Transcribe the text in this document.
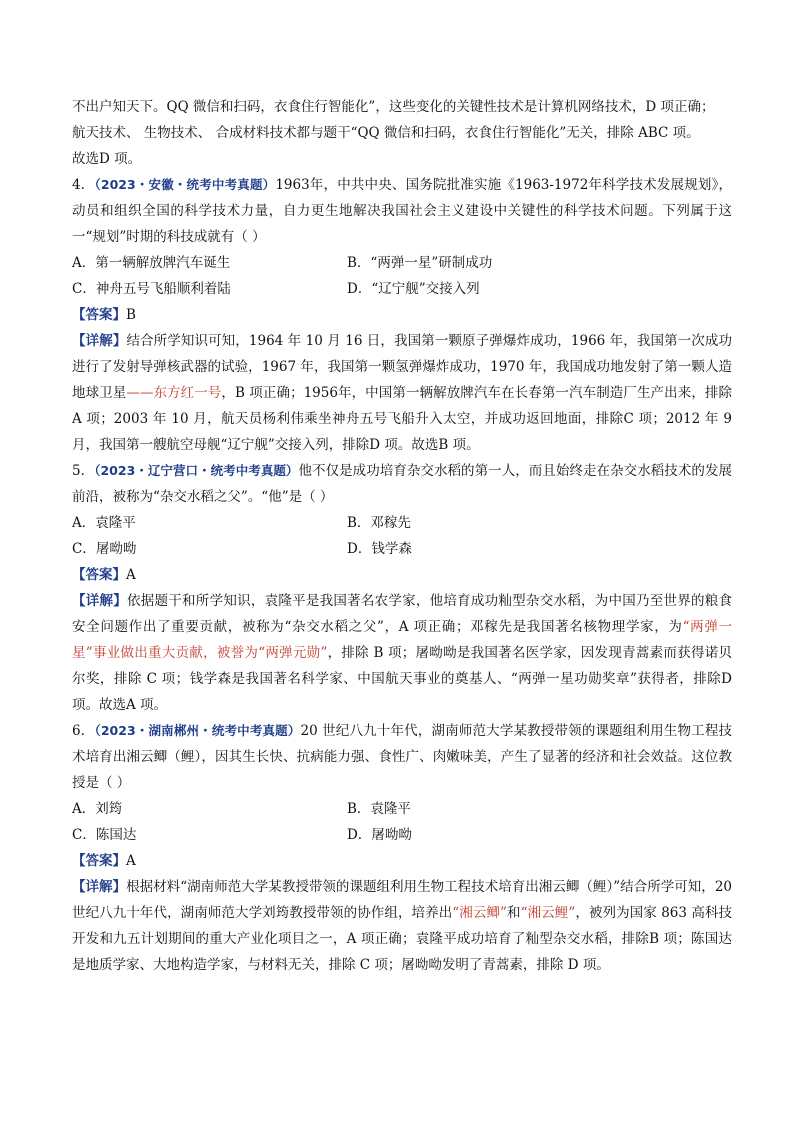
不出户知天下。QQ 微信和扫码，衣食住行智能化”，这些变化的关键性技术是计算机网络技术，D 项正确；

航天技术、 生物技术、 合成材料技术都与题干“QQ 微信和扫码，衣食住行智能化”无关，排除 ABC 项。

故选D 项。

4．（2023・安徽・统考中考真题）1963年，中共中央、国务院批准实施《1963-1972年科学技术发展规划》，动员和组织全国的科学技术力量，自力更生地解决我国社会主义建设中关键性的科学技术问题。下列属于这一“规划”时期的科技成就有（ ）

A．第一辆解放牌汽车诞生	B．“两弹一星”研制成功
C．神舟五号飞船顺利着陆	D．“辽宁舰”交接入列

【答案】B

【详解】结合所学知识可知，1964 年 10 月 16 日，我国第一颗原子弹爆炸成功，1966 年，我国第一次成功进行了发射导弹核武器的试验，1967 年，我国第一颗氢弹爆炸成功，1970 年，我国成功地发射了第一颗人造地球卫星——东方红一号，B 项正确；1956年，中国第一辆解放牌汽车在长春第一汽车制造厂生产出来，排除A 项；2003 年 10 月，航天员杨利伟乘坐神舟五号飞船升入太空，并成功返回地面，排除C 项；2012 年 9 月，我国第一艘航空母舰“辽宁舰”交接入列，排除D 项。故选B 项。

5．（2023・辽宁营口・统考中考真题）他不仅是成功培育杂交水稻的第一人，而且始终走在杂交水稻技术的发展前沿，被称为“杂交水稻之父”。“他”是（ ）

A．袁隆平	B．邓稼先
C．屠呦呦	D．钱学森

【答案】A

【详解】依据题干和所学知识，袁隆平是我国著名农学家，他培育成功籼型杂交水稻，为中国乃至世界的粮食安全问题作出了重要贡献，被称为“杂交水稻之父”，A 项正确；邓稼先是我国著名核物理学家，为“两弹一星”事业做出重大贡献，被誉为“两弹元勋”，排除 B 项；屠呦呦是我国著名医学家，因发现青蒿素而获得诺贝尔奖，排除 C 项；钱学森是我国著名科学家、中国航天事业的奠基人、“两弹一星功勋奖章”获得者，排除D 项。故选A 项。

6．（2023・湖南郴州・统考中考真题）20 世纪八九十年代，湖南师范大学某教授带领的课题组利用生物工程技术培育出湘云鲫（鲤），因其生长快、抗病能力强、食性广、肉嫩味美，产生了显著的经济和社会效益。这位教授是（ ）

A．刘筠	B．袁隆平
C．陈国达	D．屠呦呦

【答案】A

【详解】根据材料“湖南师范大学某教授带领的课题组利用生物工程技术培育出湘云鲫（鲤）”结合所学可知，20 世纪八九十年代，湖南师范大学刘筠教授带领的协作组，培养出“湘云鲫”和“湘云鲤”，被列为国家 863 高科技开发和九五计划期间的重大产业化项目之一，A 项正确；袁隆平成功培育了籼型杂交水稻，排除B 项；陈国达是地质学家、大地构造学家，与材料无关，排除 C 项；屠呦呦发明了青蒿素，排除 D 项。
